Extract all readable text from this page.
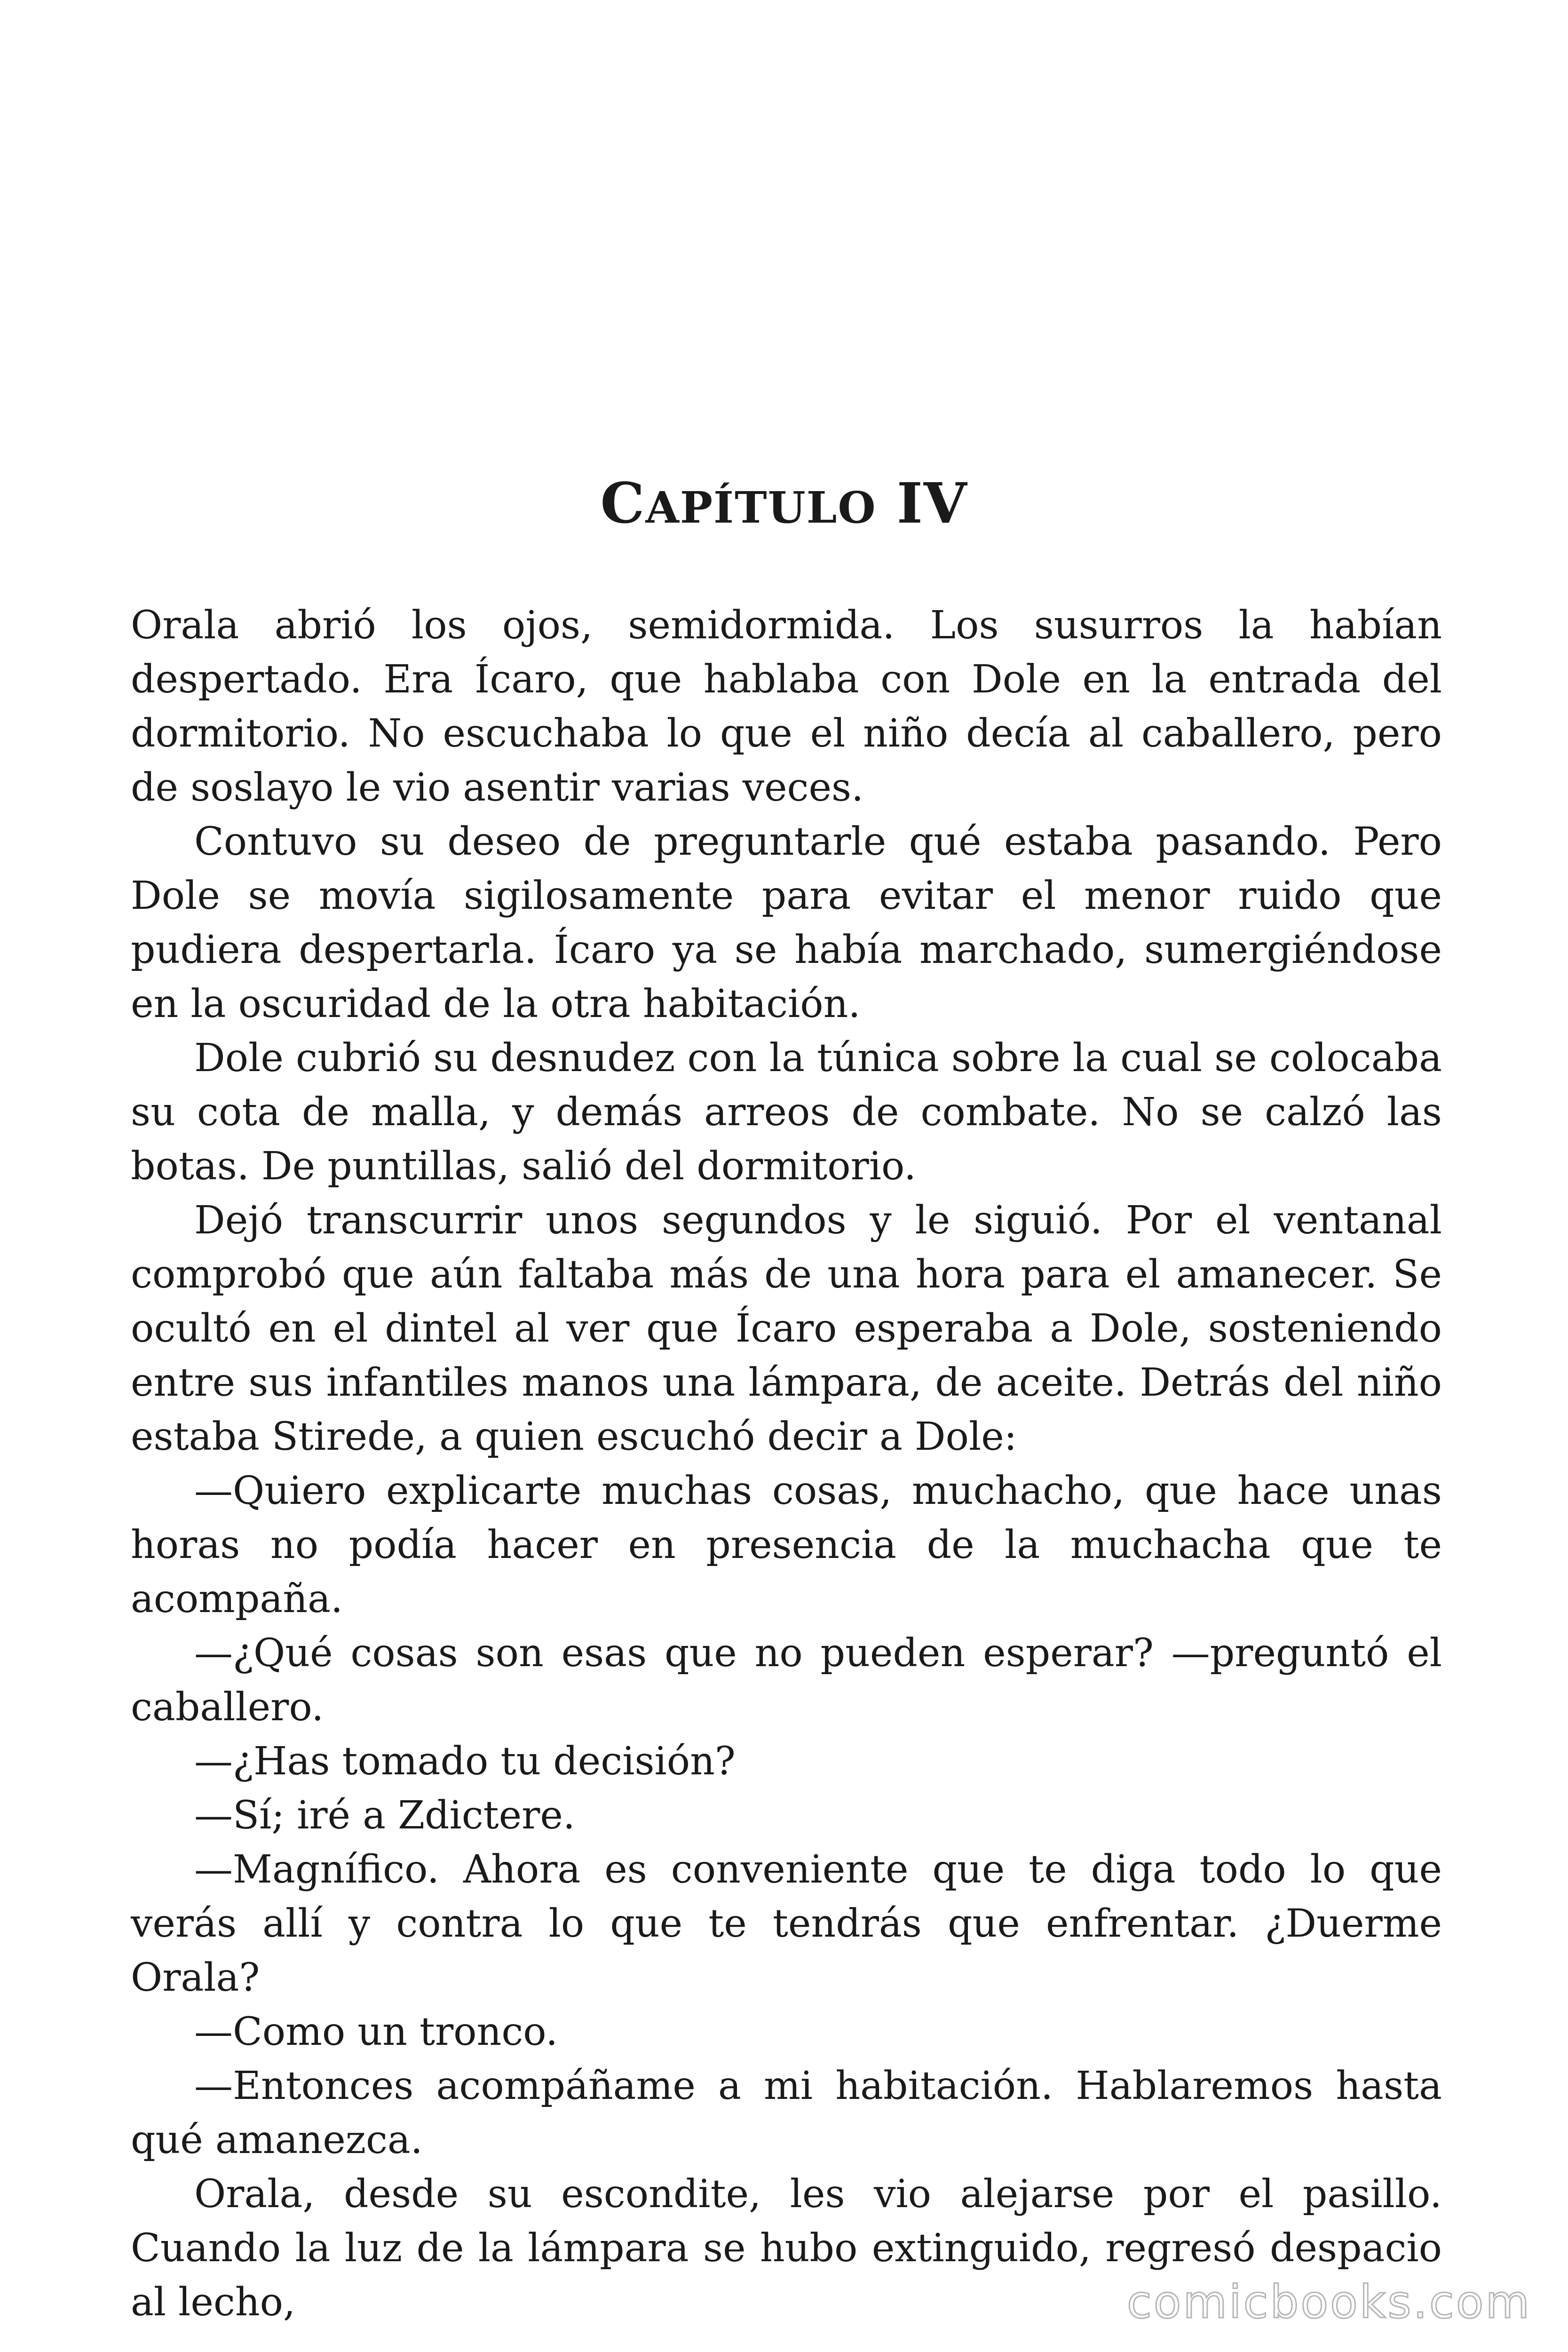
CAPÍTULO IV

Orala abrió los ojos, semidormida. Los susurros la habían despertado. Era Ícaro, que hablaba con Dole en la entrada del dormitorio. No escuchaba lo que el niño decía al caballero, pero de soslayo le vio asentir varias veces.

Contuvo su deseo de preguntarle qué estaba pasando. Pero Dole se movía sigilosamente para evitar el menor ruido que pudiera despertarla. Ícaro ya se había marchado, sumergiéndose en la oscuridad de la otra habitación.

Dole cubrió su desnudez con la túnica sobre la cual se colocaba su cota de malla, y demás arreos de combate. No se calzó las botas. De puntillas, salió del dormitorio.

Dejó transcurrir unos segundos y le siguió. Por el ventanal comprobó que aún faltaba más de una hora para el amanecer. Se ocultó en el dintel al ver que Ícaro esperaba a Dole, sosteniendo entre sus infantiles manos una lámpara, de aceite. Detrás del niño estaba Stirede, a quien escuchó decir a Dole:

—Quiero explicarte muchas cosas, muchacho, que hace unas horas no podía hacer en presencia de la muchacha que te acompaña.

—¿Qué cosas son esas que no pueden esperar? —preguntó el caballero.

—¿Has tomado tu decisión?

—Sí; iré a Zdictere.

—Magnífico. Ahora es conveniente que te diga todo lo que verás allí y contra lo que te tendrás que enfrentar. ¿Duerme Orala?

—Como un tronco.

—Entonces acompáñame a mi habitación. Hablaremos hasta qué amanezca.

Orala, desde su escondite, les vio alejarse por el pasillo. Cuando la luz de la lámpara se hubo extinguido, regresó despacio al lecho,	comicbooks.com
